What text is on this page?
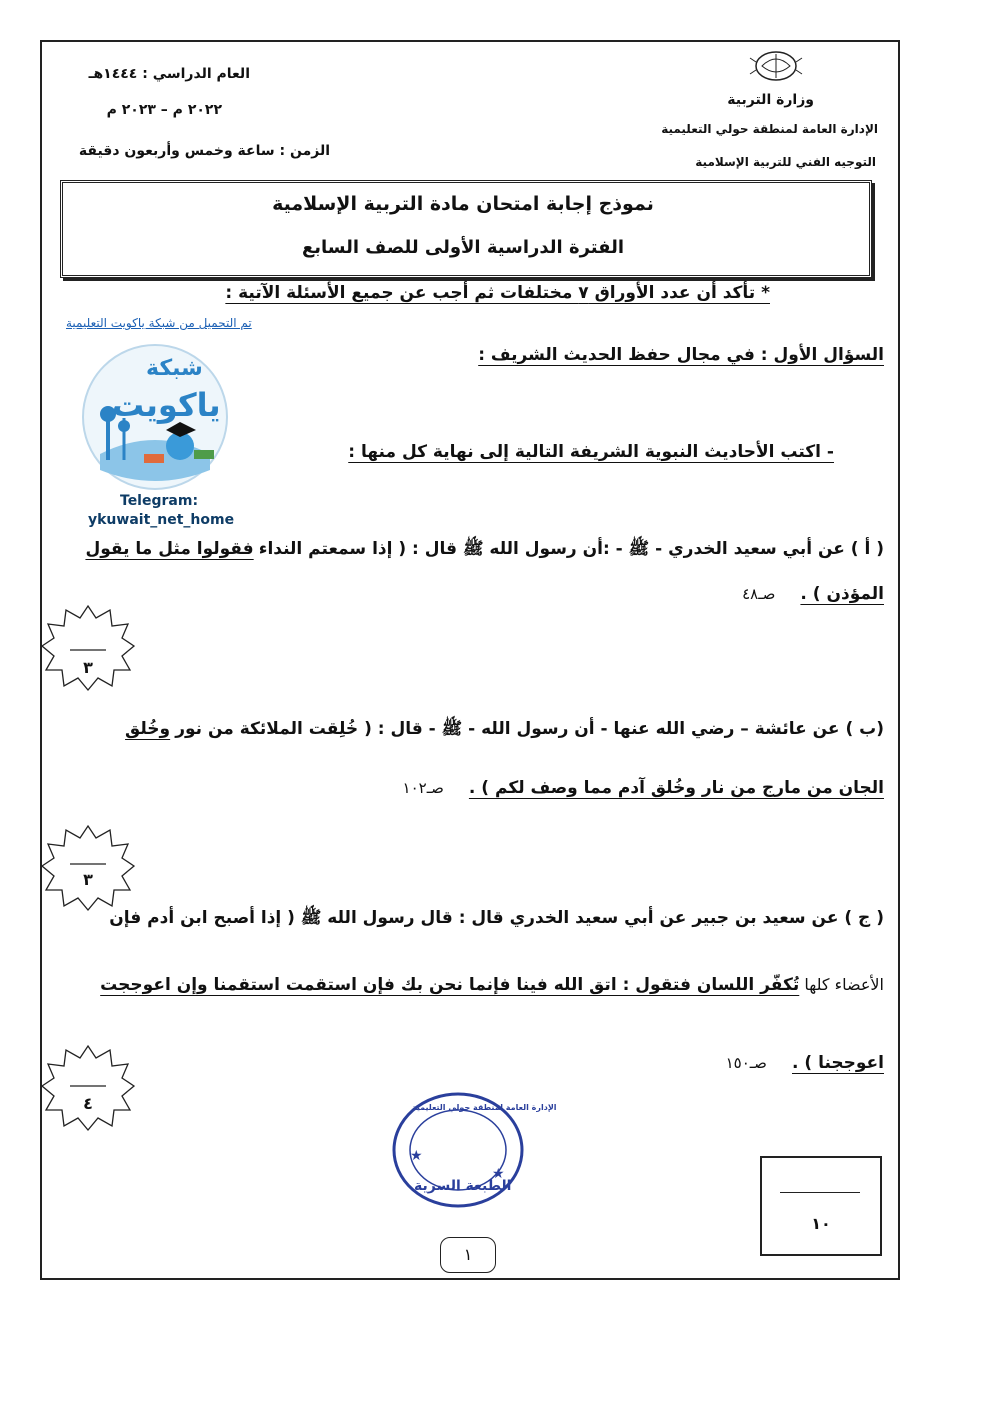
وزارة التربية
الإدارة العامة لمنطقة حولي التعليمية
التوجيه الفني للتربية الإسلامية
العام الدراسي : ١٤٤٤هـ
٢٠٢٢ م – ٢٠٢٣ م
الزمن : ساعة وخمس وأربعون دقيقة
نموذج إجابة امتحان مادة التربية الإسلامية
الفترة الدراسية الأولى للصف السابع
* تأكد أن عدد الأوراق ٧ مختلفات ثم أجب عن جميع الأسئلة الآتية :
تم التحميل من شبكة ياكويت التعليمية
شبكة
ياكويت
Telegram:
ykuwait_net_home
السؤال الأول : في مجال حفظ الحديث الشريف :
- اكتب الأحاديث النبوية الشريفة التالية إلى نهاية كل منها :
( أ ) عن أبي سعيد الخدري - ﷺ - :أن رسول الله ﷺ قال : ( إذا سمعتم النداء فقولوا مثل ما يقول
المؤذن ) . صـ٤٨
(ب ) عن عائشة – رضي الله عنها - أن رسول الله - ﷺ - قال : ( خُلِقت الملائكة من نور وخُلق
الجان من مارج من نار وخُلق آدم مما وصف لكم ) . صـ١٠٢
( ج ) عن سعيد بن جبير عن أبي سعيد الخدري قال : قال رسول الله ﷺ ( إذا أصبح ابن أدم فإن
الأعضاء كلها تُكفّر اللسان فتقول : اتق الله فينا فإنما نحن بك فإن استقمت استقمنا وإن اعوججت
اعوججنا ) . صـ١٥٠
٣
٣
٤
★
★
الإدارة العامة لمنطقة حولي التعليمية
الطبعة السرية
١٠
١
